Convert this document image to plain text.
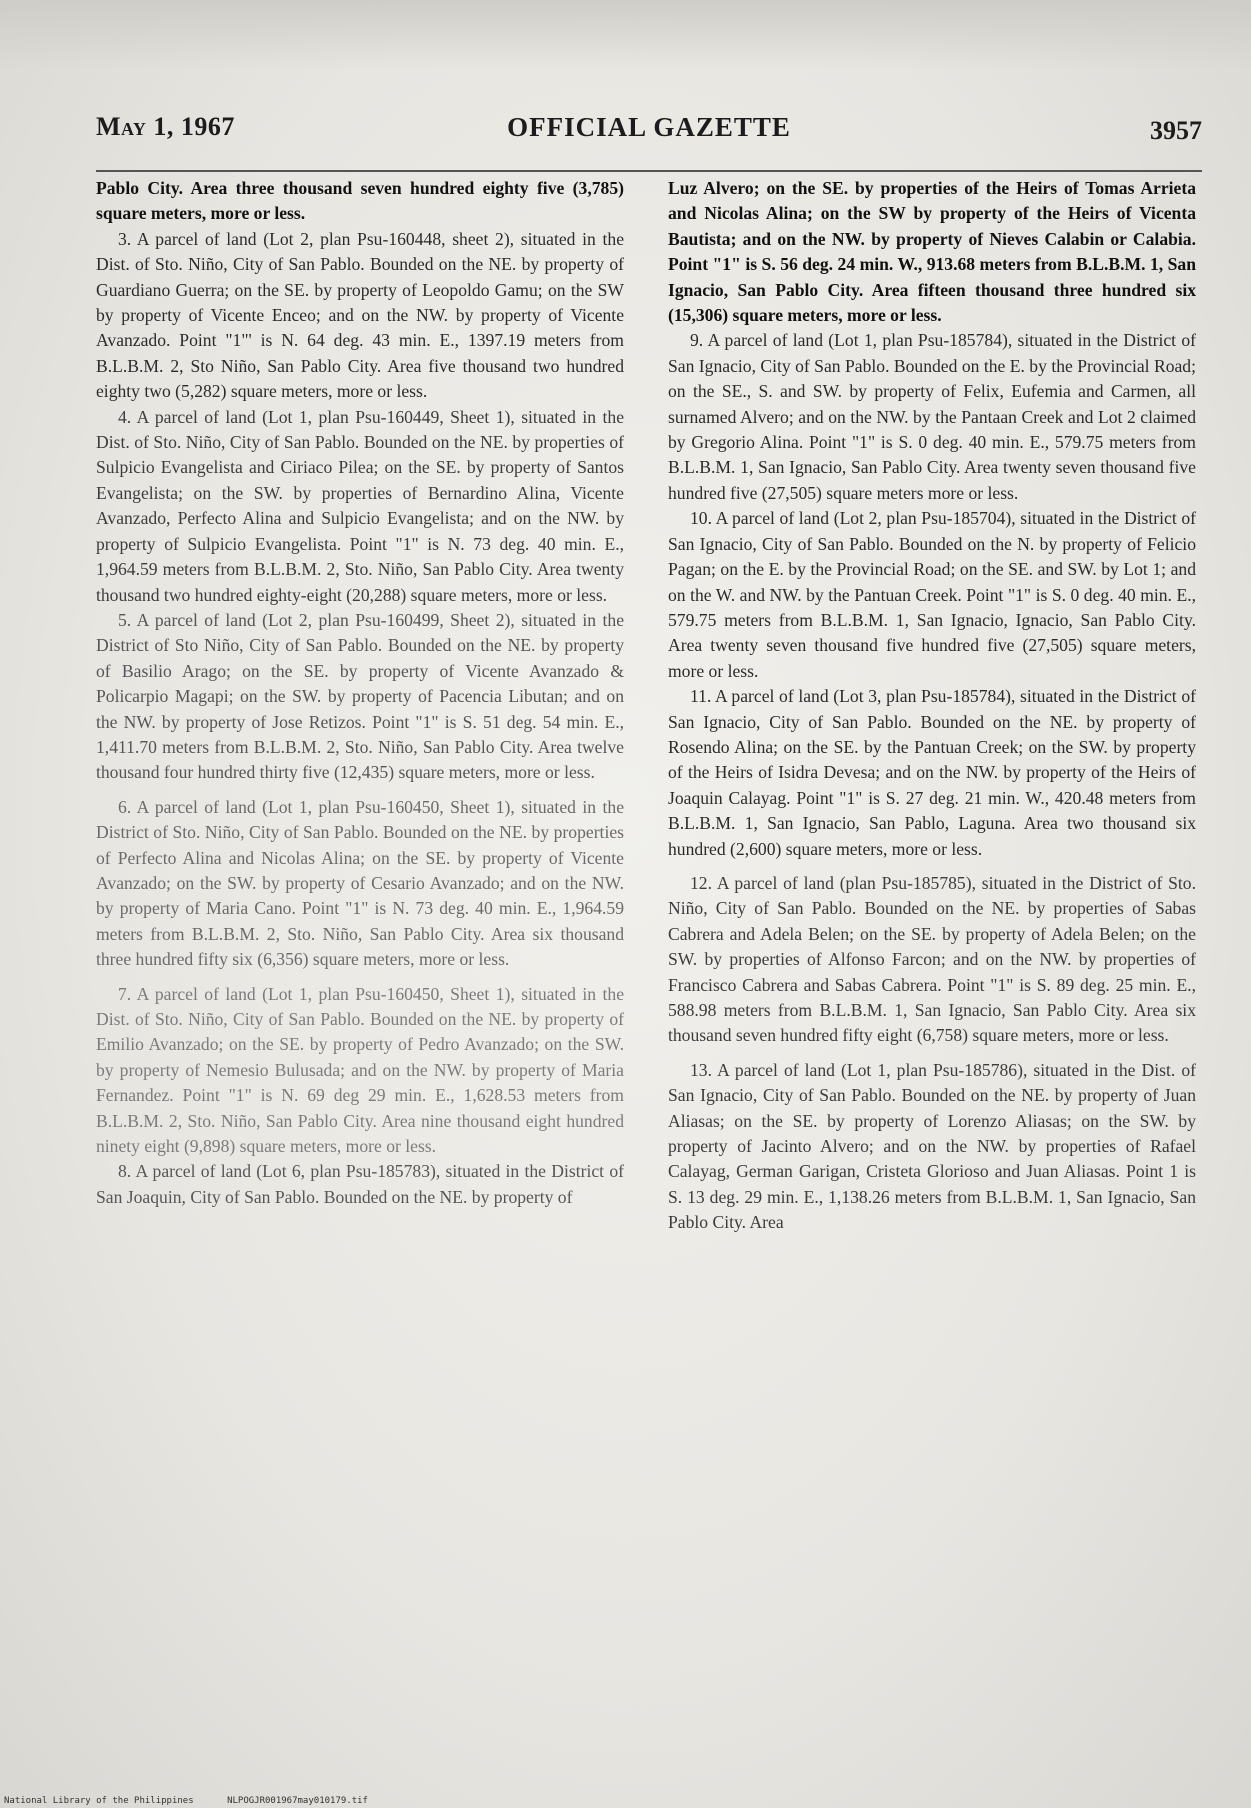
May 1, 1967	OFFICIAL GAZETTE	3957

Pablo City. Area three thousand seven hundred eighty five (3,785) square meters, more or less.

3. A parcel of land (Lot 2, plan Psu-160448, sheet 2), situated in the Dist. of Sto. Niño, City of San Pablo. Bounded on the NE. by property of Guardiano Guerra; on the SE. by property of Leopoldo Gamu; on the SW by property of Vicente Enceo; and on the NW. by property of Vicente Avanzado. Point "1"' is N. 64 deg. 43 min. E., 1397.19 meters from B.L.B.M. 2, Sto Niño, San Pablo City. Area five thousand two hundred eighty two (5,282) square meters, more or less.

4. A parcel of land (Lot 1, plan Psu-160449, Sheet 1), situated in the Dist. of Sto. Niño, City of San Pablo. Bounded on the NE. by properties of Sulpicio Evangelista and Ciriaco Pilea; on the SE. by property of Santos Evangelista; on the SW. by properties of Bernardino Alina, Vicente Avanzado, Perfecto Alina and Sulpicio Evangelista; and on the NW. by property of Sulpicio Evangelista. Point "1" is N. 73 deg. 40 min. E., 1,964.59 meters from B.L.B.M. 2, Sto. Niño, San Pablo City. Area twenty thousand two hundred eighty-eight (20,288) square meters, more or less.

5. A parcel of land (Lot 2, plan Psu-160499, Sheet 2), situated in the District of Sto Niño, City of San Pablo. Bounded on the NE. by property of Basilio Arago; on the SE. by property of Vicente Avanzado & Policarpio Magapi; on the SW. by property of Pacencia Libutan; and on the NW. by property of Jose Retizos. Point "1" is S. 51 deg. 54 min. E., 1,411.70 meters from B.L.B.M. 2, Sto. Niño, San Pablo City. Area twelve thousand four hundred thirty five (12,435) square meters, more or less.

6. A parcel of land (Lot 1, plan Psu-160450, Sheet 1), situated in the District of Sto. Niño, City of San Pablo. Bounded on the NE. by properties of Perfecto Alina and Nicolas Alina; on the SE. by property of Vicente Avanzado; on the SW. by property of Cesario Avanzado; and on the NW. by property of Maria Cano. Point "1" is N. 73 deg. 40 min. E., 1,964.59 meters from B.L.B.M. 2, Sto. Niño, San Pablo City. Area six thousand three hundred fifty six (6,356) square meters, more or less.

7. A parcel of land (Lot 1, plan Psu-160450, Sheet 1), situated in the Dist. of Sto. Niño, City of San Pablo. Bounded on the NE. by property of Emilio Avanzado; on the SE. by property of Pedro Avanzado; on the SW. by property of Nemesio Bulusada; and on the NW. by property of Maria Fernandez. Point "1" is N. 69 deg 29 min. E., 1,628.53 meters from B.L.B.M. 2, Sto. Niño, San Pablo City. Area nine thousand eight hundred ninety eight (9,898) square meters, more or less.

8. A parcel of land (Lot 6, plan Psu-185783), situated in the District of San Joaquin, City of San Pablo. Bounded on the NE. by property of

Luz Alvero; on the SE. by properties of the Heirs of Tomas Arrieta and Nicolas Alina; on the SW by property of the Heirs of Vicenta Bautista; and on the NW. by property of Nieves Calabin or Calabia. Point "1" is S. 56 deg. 24 min. W., 913.68 meters from B.L.B.M. 1, San Ignacio, San Pablo City. Area fifteen thousand three hundred six (15,306) square meters, more or less.

9. A parcel of land (Lot 1, plan Psu-185784), situated in the District of San Ignacio, City of San Pablo. Bounded on the E. by the Provincial Road; on the SE., S. and SW. by property of Felix, Eufemia and Carmen, all surnamed Alvero; and on the NW. by the Pantaan Creek and Lot 2 claimed by Gregorio Alina. Point "1" is S. 0 deg. 40 min. E., 579.75 meters from B.L.B.M. 1, San Ignacio, San Pablo City. Area twenty seven thousand five hundred five (27,505) square meters more or less.

10. A parcel of land (Lot 2, plan Psu-185704), situated in the District of San Ignacio, City of San Pablo. Bounded on the N. by property of Felicio Pagan; on the E. by the Provincial Road; on the SE. and SW. by Lot 1; and on the W. and NW. by the Pantuan Creek. Point "1" is S. 0 deg. 40 min. E., 579.75 meters from B.L.B.M. 1, San Ignacio, Ignacio, San Pablo City. Area twenty seven thousand five hundred five (27,505) square meters, more or less.

11. A parcel of land (Lot 3, plan Psu-185784), situated in the District of San Ignacio, City of San Pablo. Bounded on the NE. by property of Rosendo Alina; on the SE. by the Pantuan Creek; on the SW. by property of the Heirs of Isidra Devesa; and on the NW. by property of the Heirs of Joaquin Calayag. Point "1" is S. 27 deg. 21 min. W., 420.48 meters from B.L.B.M. 1, San Ignacio, San Pablo, Laguna. Area two thousand six hundred (2,600) square meters, more or less.

12. A parcel of land (plan Psu-185785), situated in the District of Sto. Niño, City of San Pablo. Bounded on the NE. by properties of Sabas Cabrera and Adela Belen; on the SE. by property of Adela Belen; on the SW. by properties of Alfonso Farcon; and on the NW. by properties of Francisco Cabrera and Sabas Cabrera. Point "1" is S. 89 deg. 25 min. E., 588.98 meters from B.L.B.M. 1, San Ignacio, San Pablo City. Area six thousand seven hundred fifty eight (6,758) square meters, more or less.

13. A parcel of land (Lot 1, plan Psu-185786), situated in the Dist. of San Ignacio, City of San Pablo. Bounded on the NE. by property of Juan Aliasas; on the SE. by property of Lorenzo Aliasas; on the SW. by property of Jacinto Alvero; and on the NW. by properties of Rafael Calayag, German Garigan, Cristeta Glorioso and Juan Aliasas. Point 1 is S. 13 deg. 29 min. E., 1,138.26 meters from B.L.B.M. 1, San Ignacio, San Pablo City. Area

National Library of the Philippines	NLPOGJR001967may010179.tif
